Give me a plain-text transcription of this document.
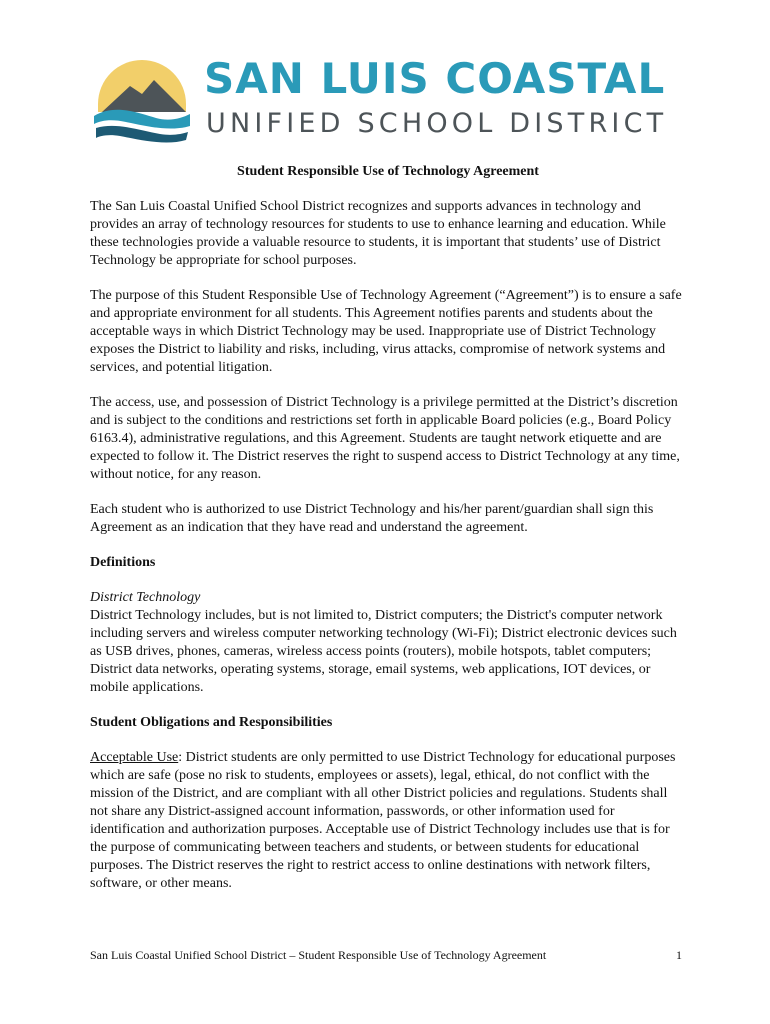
SAN LUIS COASTAL
UNIFIED SCHOOL DISTRICT
Student Responsible Use of Technology Agreement

The San Luis Coastal Unified School District recognizes and supports advances in technology and provides an array of technology resources for students to use to enhance learning and education. While these technologies provide a valuable resource to students, it is important that students’ use of District Technology be appropriate for school purposes.

The purpose of this Student Responsible Use of Technology Agreement (“Agreement”) is to ensure a safe and appropriate environment for all students. This Agreement notifies parents and students about the acceptable ways in which District Technology may be used. Inappropriate use of District Technology exposes the District to liability and risks, including, virus attacks, compromise of network systems and services, and potential litigation.

The access, use, and possession of District Technology is a privilege permitted at the District’s discretion and is subject to the conditions and restrictions set forth in applicable Board policies (e.g., Board Policy 6163.4), administrative regulations, and this Agreement. Students are taught network etiquette and are expected to follow it. The District reserves the right to suspend access to District Technology at any time, without notice, for any reason.

Each student who is authorized to use District Technology and his/her parent/guardian shall sign this Agreement as an indication that they have read and understand the agreement.

Definitions

District Technology
District Technology includes, but is not limited to, District computers; the District's computer network including servers and wireless computer networking technology (Wi-Fi); District electronic devices such as USB drives, phones, cameras, wireless access points (routers), mobile hotspots, tablet computers; District data networks, operating systems, storage, email systems, web applications, IOT devices, or mobile applications.

Student Obligations and Responsibilities

Acceptable Use: District students are only permitted to use District Technology for educational purposes which are safe (pose no risk to students, employees or assets), legal, ethical, do not conflict with the mission of the District, and are compliant with all other District policies and regulations. Students shall not share any District-assigned account information, passwords, or other information used for identification and authorization purposes. Acceptable use of District Technology includes use that is for the purpose of communicating between teachers and students, or between students for educational purposes. The District reserves the right to restrict access to online destinations with network filters, software, or other means.

San Luis Coastal Unified School District – Student Responsible Use of Technology Agreement	1
